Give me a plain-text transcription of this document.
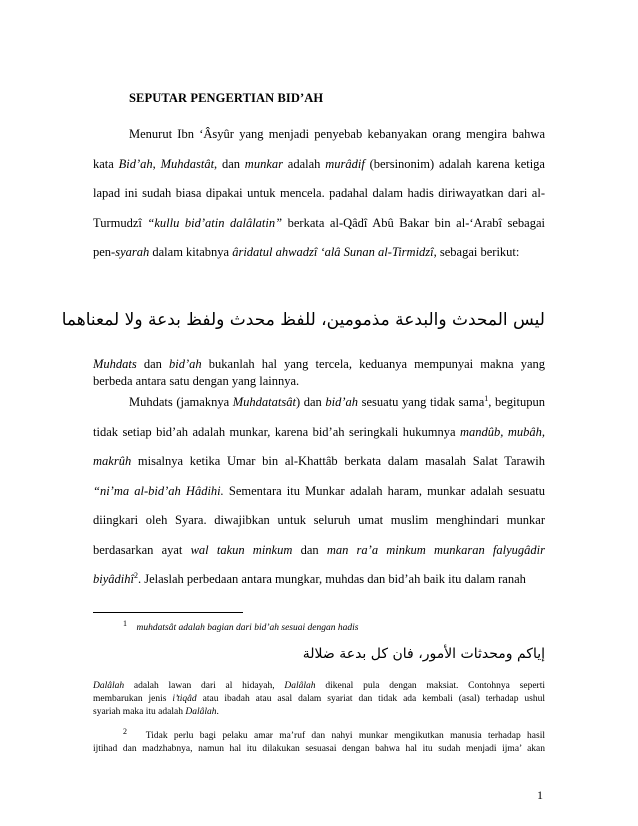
SEPUTAR PENGERTIAN BID’AH
Menurut Ibn ‘Âsyûr yang menjadi penyebab kebanyakan orang mengira bahwa
kata Bid’ah, Muhdastât, dan munkar adalah murâdif (bersinonim) adalah karena ketiga
lapad ini sudah biasa dipakai untuk mencela. padahal dalam hadis diriwayatkan dari al-
Turmudzî “kullu bid’atin dalâlatin” berkata al-Qâdî Abû Bakar bin al-‘Arabî sebagai
pen-syarah dalam kitabnya âridatul ahwadzî ‘alâ Sunan al-Tirmidzî, sebagai berikut:
ليس المحدث والبدعة مذمومين، للفظ محدث ولفظ بدعة ولا لمعناهما
Muhdats dan bid’ah bukanlah hal yang tercela, keduanya mempunyai makna yang
berbeda antara satu dengan yang lainnya.
Muhdats (jamaknya Muhdatatsât) dan bid’ah sesuatu yang tidak sama$^1$, begitupun
tidak setiap bid’ah adalah munkar, karena bid’ah seringkali hukumnya mandûb, mubâh,
makrûh misalnya ketika Umar bin al-Khattâb berkata dalam masalah Salat Tarawih
“ni’ma al-bid’ah Hâdihi. Sementara itu Munkar adalah haram, munkar adalah sesuatu
diingkari oleh Syara. diwajibkan untuk seluruh umat muslim menghindari munkar
berdasarkan ayat wal takun minkum dan man ra’a minkum munkaran falyugâdir
biyâdihî$^2$. Jelaslah perbedaan antara mungkar, muhdas dan bid’ah baik itu dalam ranah
$^1$ muhdatsât adalah bagian dari bid’ah sesuai dengan hadis
إياكم ومحدثات الأمور، فان كل بدعة ضلالة
Dalâlah adalah lawan dari al hidayah, Dalâlah dikenal pula dengan maksiat. Contohnya seperti
membarukan jenis i’tiqâd atau ibadah atau asal dalam syariat dan tidak ada kembali (asal) terhadap ushul
syariah maka itu adalah Dalâlah.
$^2$ Tidak perlu bagi pelaku amar ma’ruf dan nahyi munkar mengikutkan manusia terhadap hasil
ijtihad dan madzhabnya, namun hal itu dilakukan sesuasai dengan bahwa hal itu sudah menjadi ijma’ akan
1
